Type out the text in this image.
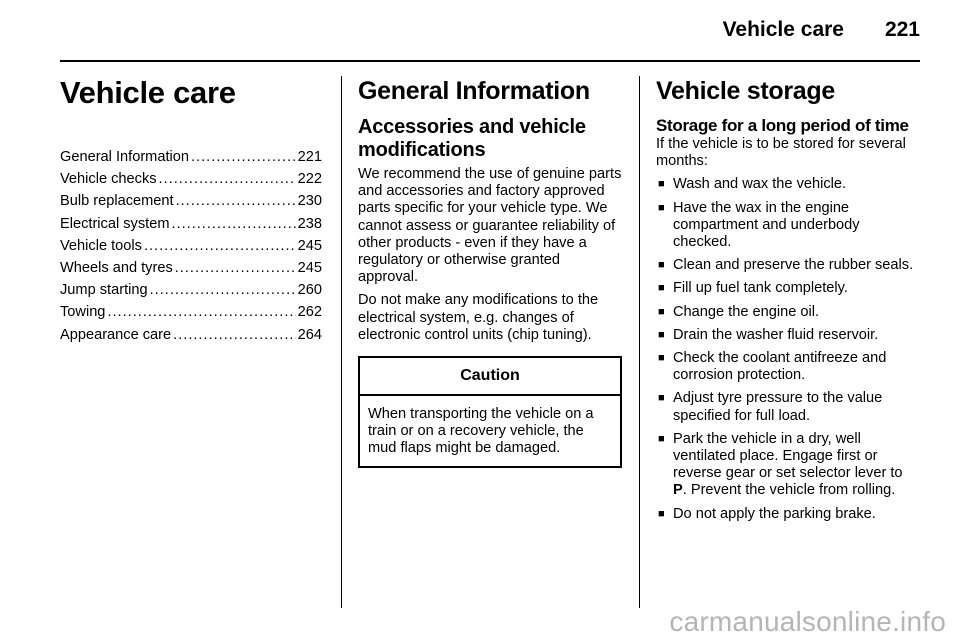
Vehicle care 221
Vehicle care
General Information .....	221
Vehicle checks .....	222
Bulb replacement .....	230
Electrical system .....	238
Vehicle tools .....	245
Wheels and tyres .....	245
Jump starting .....	260
Towing .....	262
Appearance care .....	264
General Information
Accessories and vehicle modifications

We recommend the use of genuine parts and accessories and factory approved parts specific for your vehicle type. We cannot assess or guarantee reliability of other products - even if they have a regulatory or otherwise granted approval.

Do not make any modifications to the electrical system, e.g. changes of electronic control units (chip tuning).

Caution
When transporting the vehicle on a train or on a recovery vehicle, the mud flaps might be damaged.
Vehicle storage
Storage for a long period of time

If the vehicle is to be stored for several months:

■ Wash and wax the vehicle.
■ Have the wax in the engine compartment and underbody checked.
■ Clean and preserve the rubber seals.
■ Fill up fuel tank completely.
■ Change the engine oil.
■ Drain the washer fluid reservoir.
■ Check the coolant antifreeze and corrosion protection.
■ Adjust tyre pressure to the value specified for full load.
■ Park the vehicle in a dry, well ventilated place. Engage first or reverse gear or set selector lever to P. Prevent the vehicle from rolling.
■ Do not apply the parking brake.
carmanualsonline.info
